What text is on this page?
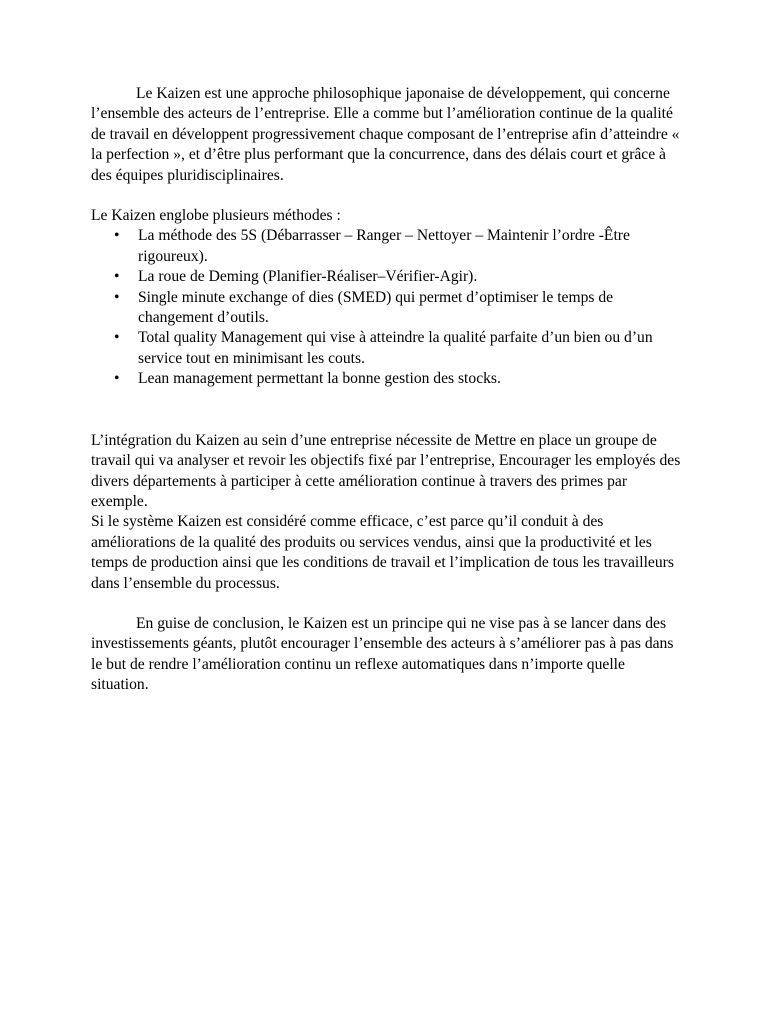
Le Kaizen est une approche philosophique japonaise de développement, qui concerne l’ensemble des acteurs de l’entreprise. Elle a comme but l’amélioration continue de la qualité de travail en développent progressivement chaque composant de l’entreprise afin d’atteindre « la perfection », et d’être plus performant que la concurrence, dans des délais court et grâce à des équipes pluridisciplinaires.

Le Kaizen englobe plusieurs méthodes :

• La méthode des 5S (Débarrasser – Ranger – Nettoyer – Maintenir l’ordre -Être rigoureux).
• La roue de Deming (Planifier-Réaliser–Vérifier-Agir).
• Single minute exchange of dies (SMED) qui permet d’optimiser le temps de changement d’outils.
• Total quality Management qui vise à atteindre la qualité parfaite d’un bien ou d’un service tout en minimisant les couts.
• Lean management permettant la bonne gestion des stocks.

L’intégration du Kaizen au sein d’une entreprise nécessite de Mettre en place un groupe de travail qui va analyser et revoir les objectifs fixé par l’entreprise, Encourager les employés des divers départements à participer à cette amélioration continue à travers des primes par exemple.

Si le système Kaizen est considéré comme efficace, c’est parce qu’il conduit à des améliorations de la qualité des produits ou services vendus, ainsi que la productivité et les temps de production ainsi que les conditions de travail et l’implication de tous les travailleurs dans l’ensemble du processus.

En guise de conclusion, le Kaizen est un principe qui ne vise pas à se lancer dans des investissements géants, plutôt encourager l’ensemble des acteurs à s’améliorer pas à pas dans le but de rendre l’amélioration continu un reflexe automatiques dans n’importe quelle situation.
